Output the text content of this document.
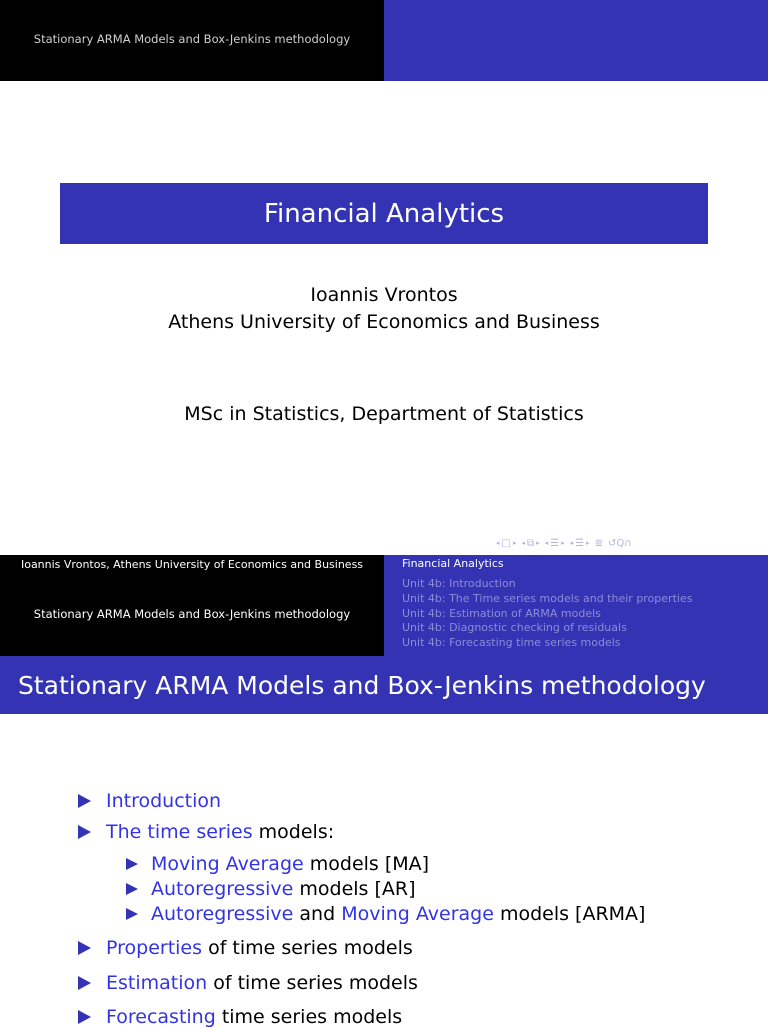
Stationary ARMA Models and Box-Jenkins methodology
Financial Analytics
Ioannis Vrontos
Athens University of Economics and Business
MSc in Statistics, Department of Statistics
◂ □ ▸ ◂ ⧉ ▸ ◂ ☰ ▸ ◂ ☰ ▸ ≣ ↺Q∩
Ioannis Vrontos, Athens University of Economics and Business
Stationary ARMA Models and Box-Jenkins methodology
Financial Analytics
Unit 4b: Introduction
Unit 4b: The Time series models and their properties
Unit 4b: Estimation of ARMA models
Unit 4b: Diagnostic checking of residuals
Unit 4b: Forecasting time series models
Stationary ARMA Models and Box-Jenkins methodology
Introduction
The time series models:
Moving Average models [MA]
Autoregressive models [AR]
Autoregressive and Moving Average models [ARMA]
Properties of time series models
Estimation of time series models
Forecasting time series models
